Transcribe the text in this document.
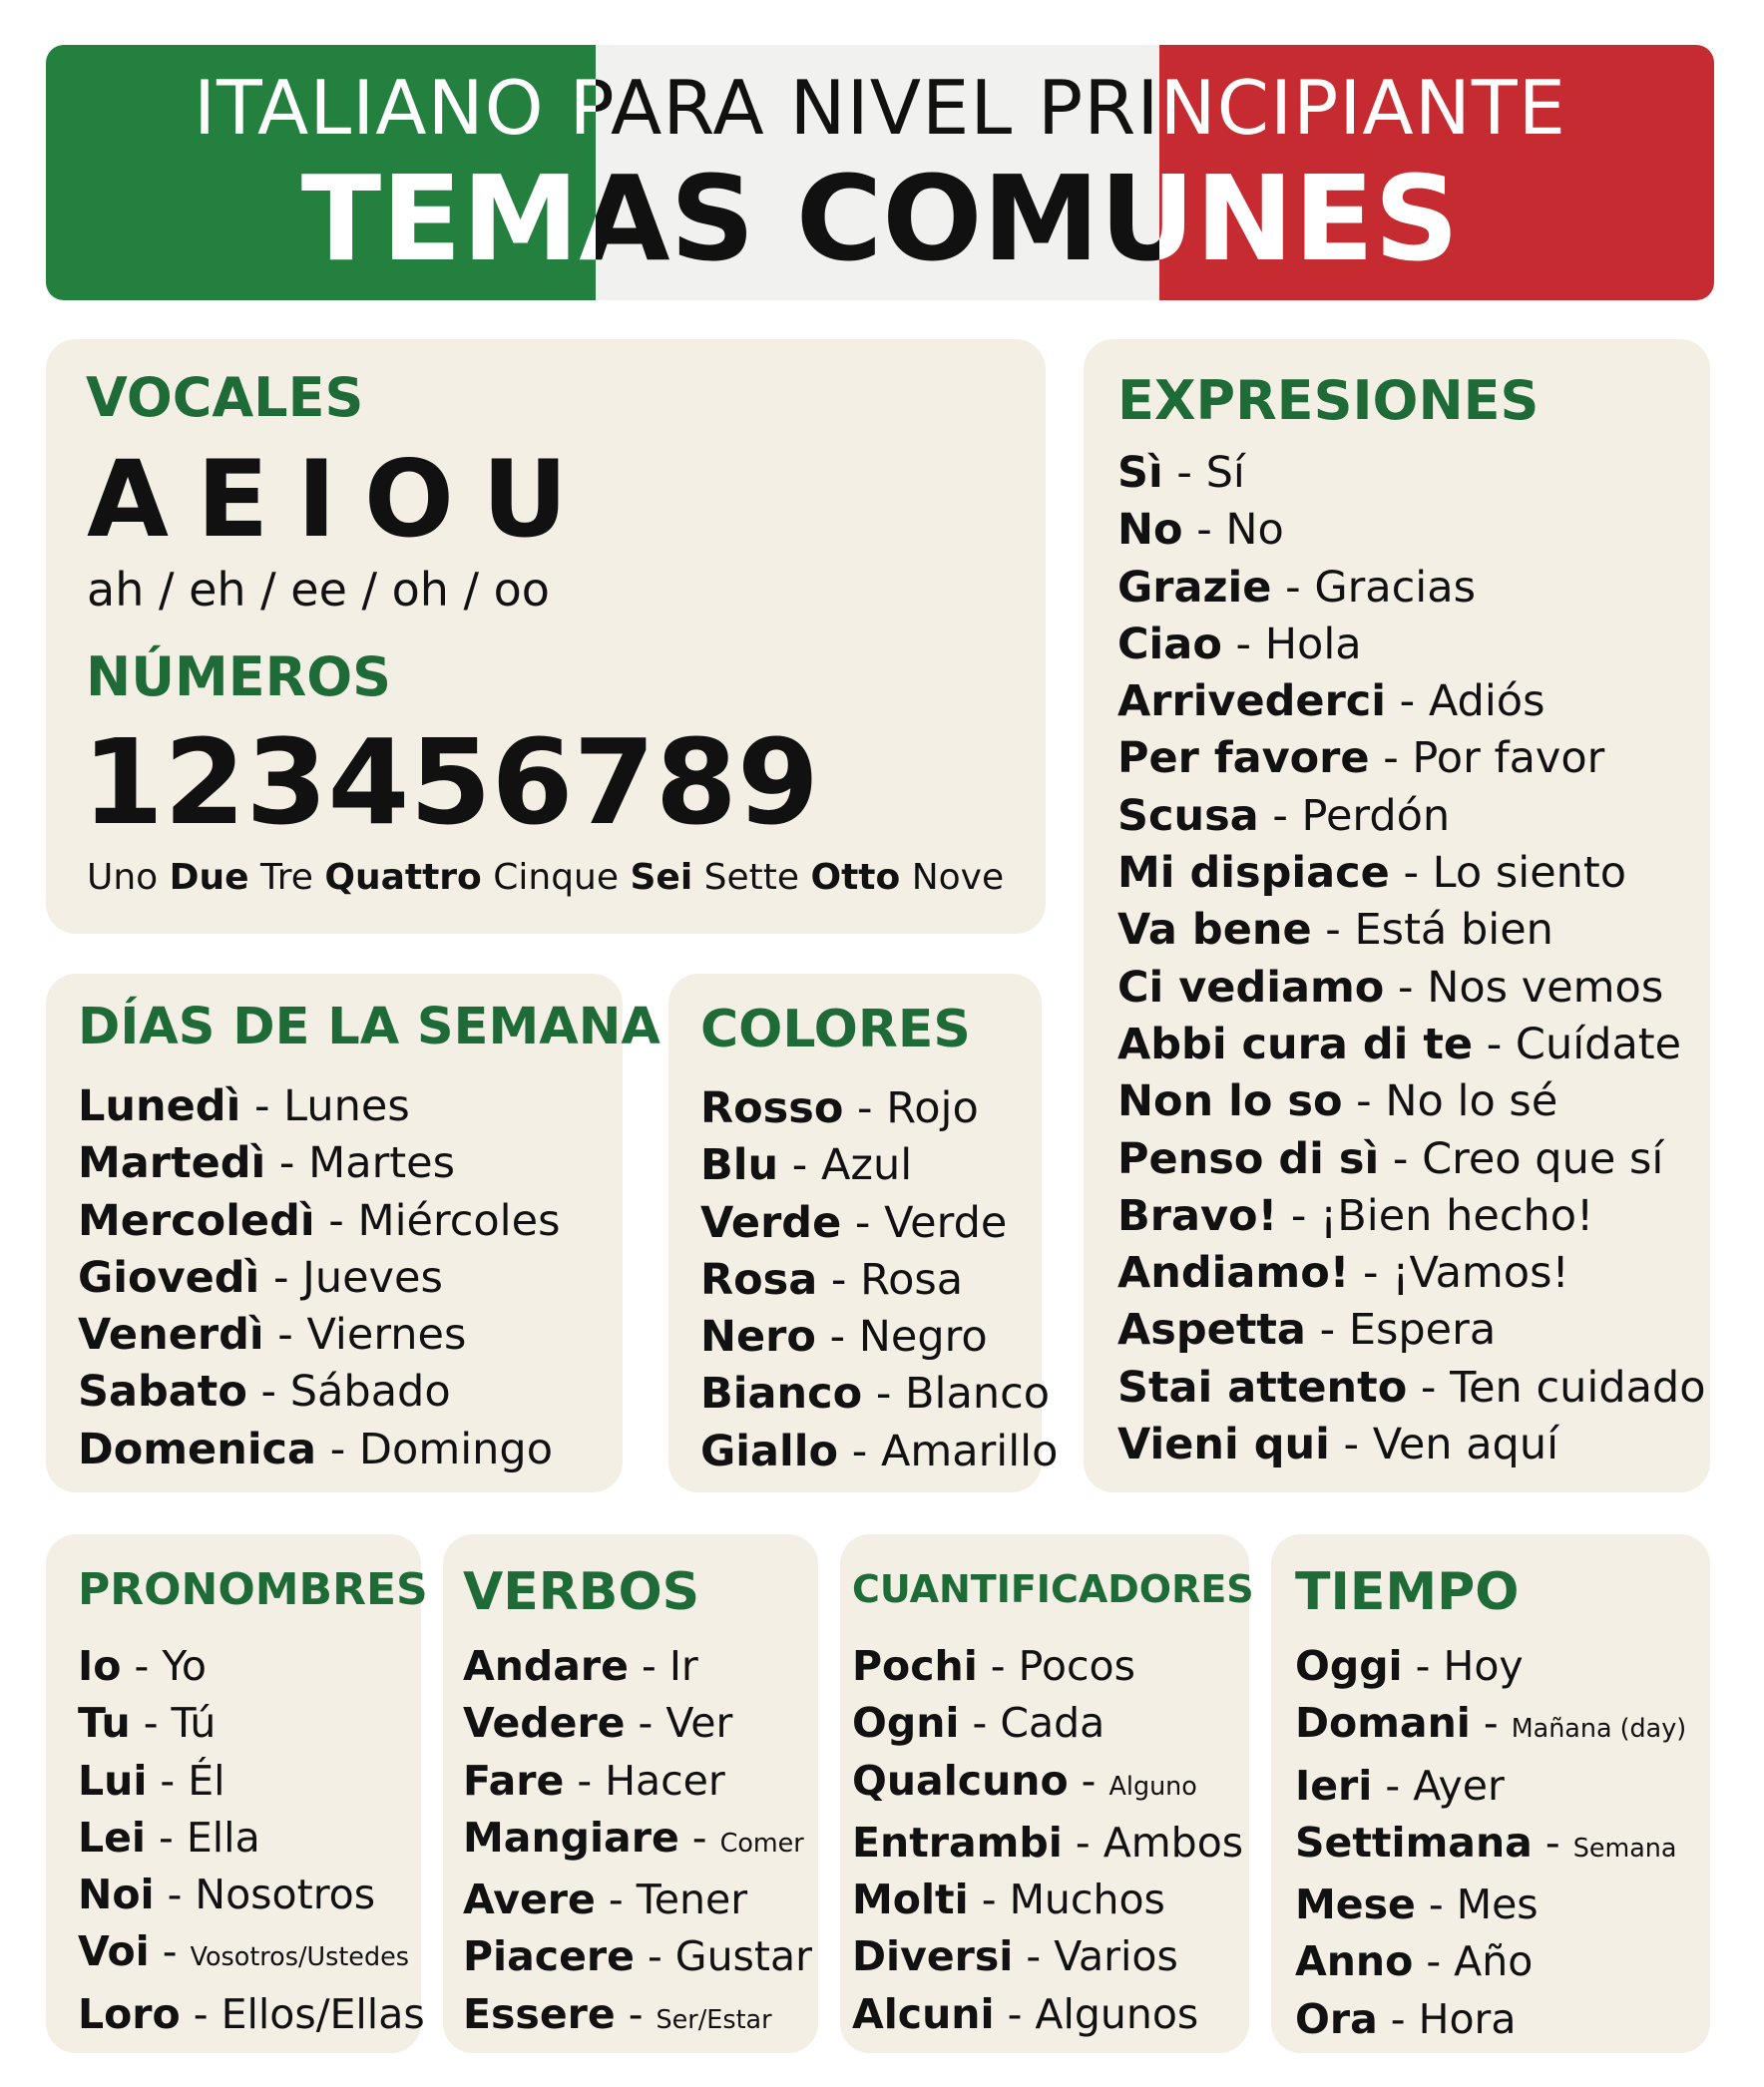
ITALIANO PARA NIVEL PRINCIPIANTE
TEMAS COMUNES
VOCALES
AEIOU
ah / eh / ee / oh / oo
NÚMEROS
1 2 3 4 5 6 7 8 9
Uno Due Tre Quattro Cinque Sei Sette Otto Nove
EXPRESIONES
Sì - Sí
No - No
Grazie - Gracias
Ciao - Hola
Arrivederci - Adiós
Per favore - Por favor
Scusa - Perdón
Mi dispiace - Lo siento
Va bene - Está bien
Ci vediamo - Nos vemos
Abbi cura di te - Cuídate
Non lo so - No lo sé
Penso di sì - Creo que sí
Bravo! - ¡Bien hecho!
Andiamo! - ¡Vamos!
Aspetta - Espera
Stai attento - Ten cuidado
Vieni qui - Ven aquí
DÍAS DE LA SEMANA
Lunedì - Lunes
Martedì - Martes
Mercoledì - Miércoles
Giovedì - Jueves
Venerdì - Viernes
Sabato - Sábado
Domenica - Domingo
COLORES
Rosso - Rojo
Blu - Azul
Verde - Verde
Rosa - Rosa
Nero - Negro
Bianco - Blanco
Giallo - Amarillo
PRONOMBRES
Io - Yo
Tu - Tú
Lui - Él
Lei - Ella
Noi - Nosotros
Voi - Vosotros/Ustedes
Loro - Ellos/Ellas
VERBOS
Andare - Ir
Vedere - Ver
Fare - Hacer
Mangiare - Comer
Avere - Tener
Piacere - Gustar
Essere - Ser/Estar
CUANTIFICADORES
Pochi - Pocos
Ogni - Cada
Qualcuno - Alguno
Entrambi - Ambos
Molti - Muchos
Diversi - Varios
Alcuni - Algunos
TIEMPO
Oggi - Hoy
Domani - Mañana (day)
Ieri - Ayer
Settimana - Semana
Mese - Mes
Anno - Año
Ora - Hora
